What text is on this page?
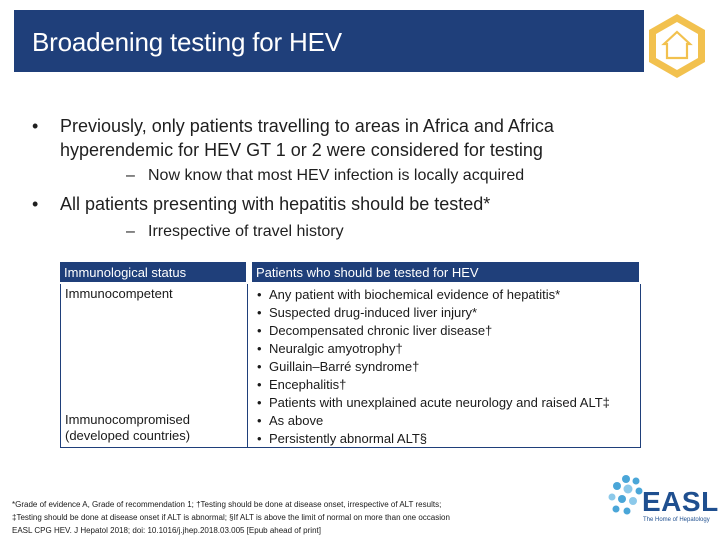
Broadening testing for HEV
• Previously, only patients travelling to areas in Africa and Africa hyperendemic for HEV GT 1 or 2 were considered for testing
– Now know that most HEV infection is locally acquired
• All patients presenting with hepatitis should be tested*
– Irrespective of travel history
Immunological status	Patients who should be tested for HEV
Immunocompetent	• Any patient with biochemical evidence of hepatitis*
• Suspected drug-induced liver injury*
• Decompensated chronic liver disease†
• Neuralgic amyotrophy†
• Guillain–Barré syndrome†
• Encephalitis†
• Patients with unexplained acute neurology and raised ALT‡
Immunocompromised (developed countries)
• As above
• Persistently abnormal ALT§
*Grade of evidence A, Grade of recommendation 1; †Testing should be done at disease onset, irrespective of ALT results;
‡Testing should be done at disease onset if ALT is abnormal; §If ALT is above the limit of normal on more than one occasion
EASL CPG HEV. J Hepatol 2018; doi: 10.1016/j.jhep.2018.03.005 [Epub ahead of print]
EASL
The Home of Hepatology
